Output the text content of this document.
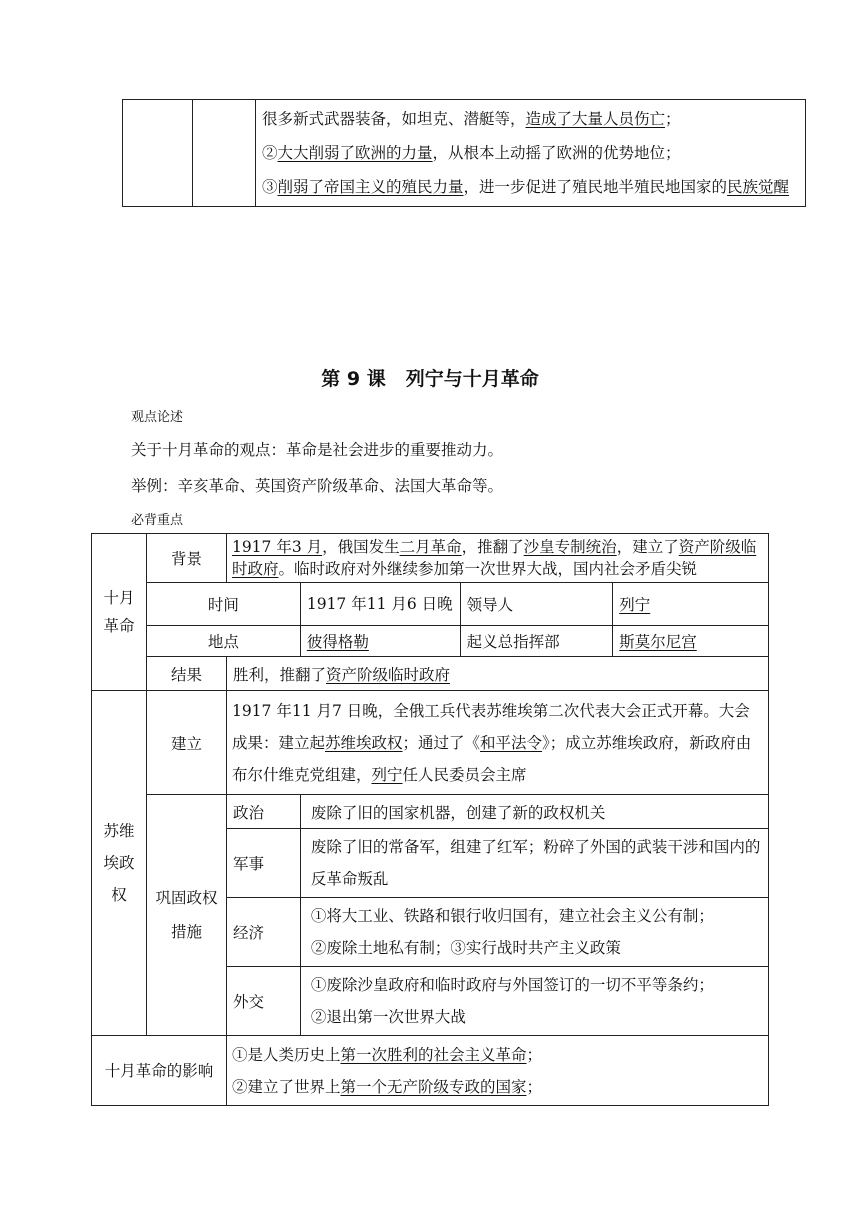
很多新式武器装备，如坦克、潜艇等，造成了大量人员伤亡；
②大大削弱了欧洲的力量，从根本上动摇了欧洲的优势地位；
③削弱了帝国主义的殖民力量，进一步促进了殖民地半殖民地国家的民族觉醒
第 9 课 列宁与十月革命
观点论述
关于十月革命的观点：革命是社会进步的重要推动力。
举例：辛亥革命、英国资产阶级革命、法国大革命等。
必背重点
十月革命	背景	1917 年3 月，俄国发生二月革命，推翻了沙皇专制统治，建立了资产阶级临时政府。临时政府对外继续参加第一次世界大战，国内社会矛盾尖锐			
	时间		1917 年11 月6 日晚	领导人	列宁
	地点		彼得格勒	起义总指挥部	斯莫尔尼宫
	结果	胜利，推翻了资产阶级临时政府			

苏维埃政权	建立	1917 年11 月7 日晚，全俄工兵代表苏维埃第二次代表大会正式开幕。大会成果：建立起苏维埃政权；通过了《和平法令》；成立苏维埃政府，新政府由布尔什维克党组建，列宁任人民委员会主席			

	巩固政权措施	政治	废除了旧的国家机器，创建了新的政权机关		
		军事	废除了旧的常备军，组建了红军；粉碎了外国的武装干涉和国内的反革命叛乱		
		经济	①将大工业、铁路和银行收归国有，建立社会主义公有制；
②废除土地私有制；③实行战时共产主义政策		

		外交	①废除沙皇政府和临时政府与外国签订的一切不平等条约；
②退出第一次世界大战		

十月革命的影响		①是人类历史上第一次胜利的社会主义革命；
②建立了世界上第一个无产阶级专政的国家；			
